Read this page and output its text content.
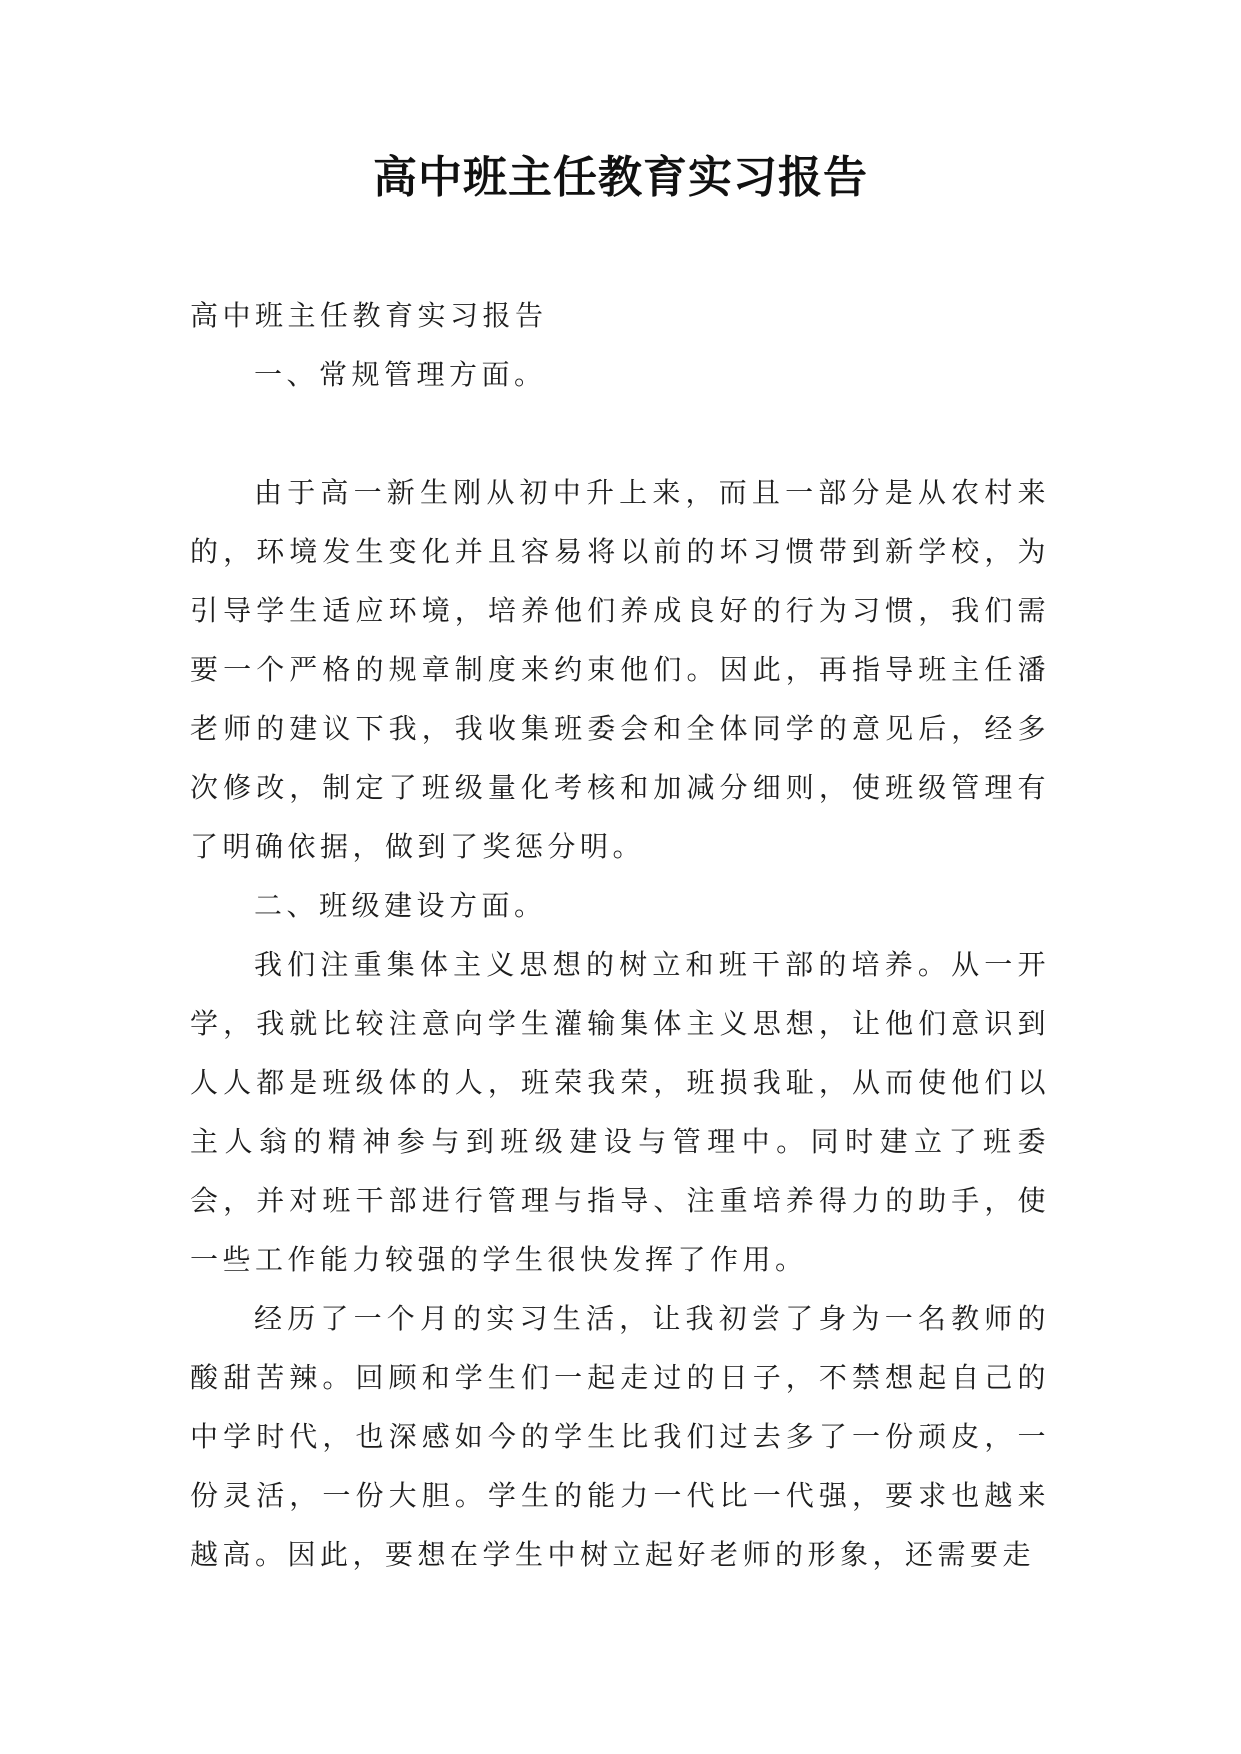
高中班主任教育实习报告

高中班主任教育实习报告

一、常规管理方面。

由于高一新生刚从初中升上来，而且一部分是从农村来的，环境发生变化并且容易将以前的坏习惯带到新学校，为引导学生适应环境，培养他们养成良好的行为习惯，我们需要一个严格的规章制度来约束他们。因此，再指导班主任潘老师的建议下我，我收集班委会和全体同学的意见后，经多次修改，制定了班级量化考核和加减分细则，使班级管理有了明确依据，做到了奖惩分明。

二、班级建设方面。

我们注重集体主义思想的树立和班干部的培养。从一开学，我就比较注意向学生灌输集体主义思想，让他们意识到人人都是班级体的人，班荣我荣，班损我耻，从而使他们以主人翁的精神参与到班级建设与管理中。同时建立了班委会，并对班干部进行管理与指导、注重培养得力的助手，使一些工作能力较强的学生很快发挥了作用。

经历了一个月的实习生活，让我初尝了身为一名教师的酸甜苦辣。回顾和学生们一起走过的日子，不禁想起自己的中学时代，也深感如今的学生比我们过去多了一份顽皮，一份灵活，一份大胆。学生的能力一代比一代强，要求也越来越高。因此，要想在学生中树立起好老师的形象，还需要走
